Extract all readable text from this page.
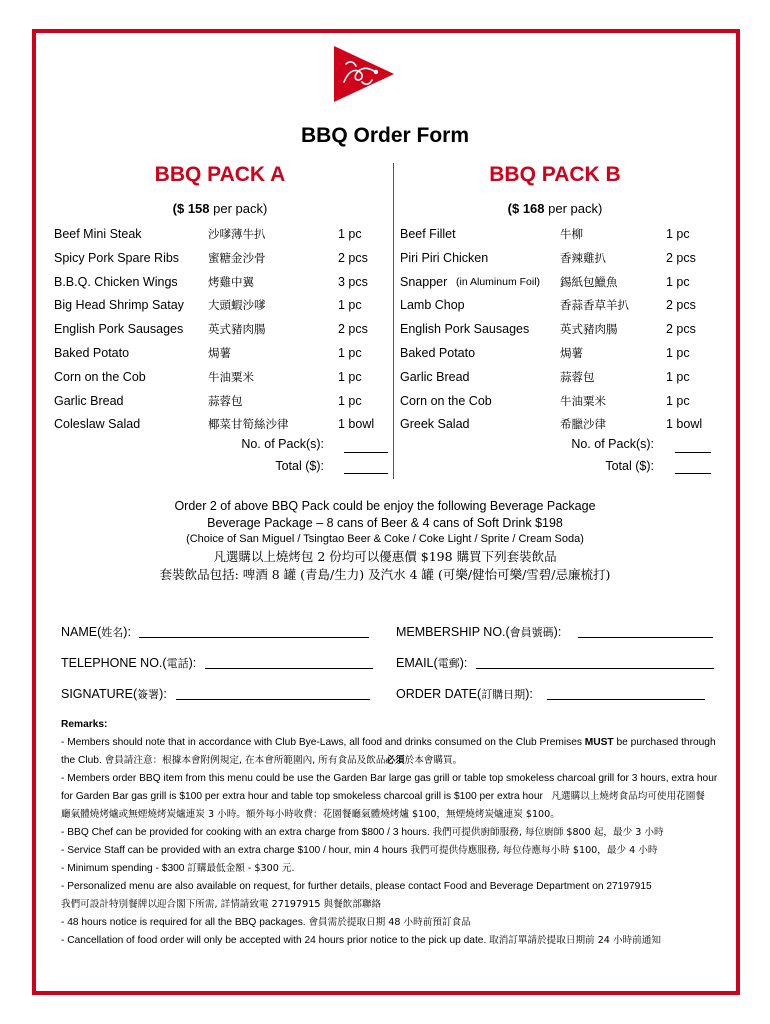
BBQ Order Form
BBQ PACK A	BBQ PACK B
($ 158 per pack)	($ 168 per pack)
Beef Mini Steak	沙嗲薄牛扒	1 pc
Spicy Pork Spare Ribs	蜜糖金沙骨	2 pcs
B.B.Q. Chicken Wings	烤雞中翼	3 pcs
Big Head Shrimp Satay 大頭蝦沙嗲	1 pc
English Pork Sausages 英式豬肉腸	2 pcs
Baked Potato	焗薯	1 pc
Corn on the Cob	牛油粟米	1 pc
Garlic Bread	蒜蓉包	1 pc
Coleslaw Salad	椰菜甘筍絲沙律	1 bowl
Beef Fillet	牛柳	1 pc
Piri Piri Chicken	香辣雞扒	2 pcs
Snapper (in Aluminum Foil) 錫紙包鱲魚	1 pc
Lamb Chop	香蒜香草羊扒	2 pcs
English Pork Sausages	英式豬肉腸	2 pcs
Baked Potato	焗薯	1 pc
Garlic Bread	蒜蓉包	1 pc
Corn on the Cob	牛油粟米	1 pc
Greek Salad	希臘沙律	1 bowl
No. of Pack(s):
Total ($):
No. of Pack(s):
Total ($):
Order 2 of above BBQ Pack could be enjoy the following Beverage Package
Beverage Package – 8 cans of Beer & 4 cans of Soft Drink $198
(Choice of San Miguel / Tsingtao Beer & Coke / Coke Light / Sprite / Cream Soda)
凡選購以上燒烤包 2 份均可以優惠價 $198 購買下列套裝飲品
套裝飲品包括: 啤酒 8 罐 (青島/生力) 及汽水 4 罐 (可樂/健怡可樂/雪碧/忌廉梳打)
NAME(姓名):	MEMBERSHIP NO.(會員號碼):
TELEPHONE NO.(電話):	EMAIL(電郵):
SIGNATURE(簽署):	ORDER DATE(訂購日期):
Remarks:
- Members should note that in accordance with Club Bye-Laws, all food and drinks consumed on the Club Premises MUST be purchased through
the Club. 會員請注意：根據本會附例規定, 在本會所範圍內, 所有食品及飲品必須於本會購買。
- Members order BBQ item from this menu could be use the Garden Bar large gas grill or table top smokeless charcoal grill for 3 hours, extra hour
for Garden Bar gas grill is $100 per extra hour and table top smokeless charcoal grill is $100 per extra hour 凡選購以上燒烤食品均可使用花園餐
廳氣體燒烤爐或無煙燒烤炭爐連炭 3 小時。額外每小時收費：花園餐廳氣體燒烤爐 $100，無煙燒烤炭爐連炭 $100。
- BBQ Chef can be provided for cooking with an extra charge from $800 / 3 hours. 我們可提供廚師服務, 每位廚師 $800 起，最少 3 小時
- Service Staff can be provided with an extra charge $100 / hour, min 4 hours 我們可提供侍應服務, 每位侍應每小時 $100，最少 4 小時
- Minimum spending - $300 訂購最低金額 - $300 元.
- Personalized menu are also available on request, for further details, please contact Food and Beverage Department on 27197915
我們可設計特別餐牌以迎合閣下所需, 詳情請致電 27197915 與餐飲部聯絡
- 48 hours notice is required for all the BBQ packages. 會員需於提取日期 48 小時前預訂食品
- Cancellation of food order will only be accepted with 24 hours prior notice to the pick up date. 取消訂單請於提取日期前 24 小時前通知
